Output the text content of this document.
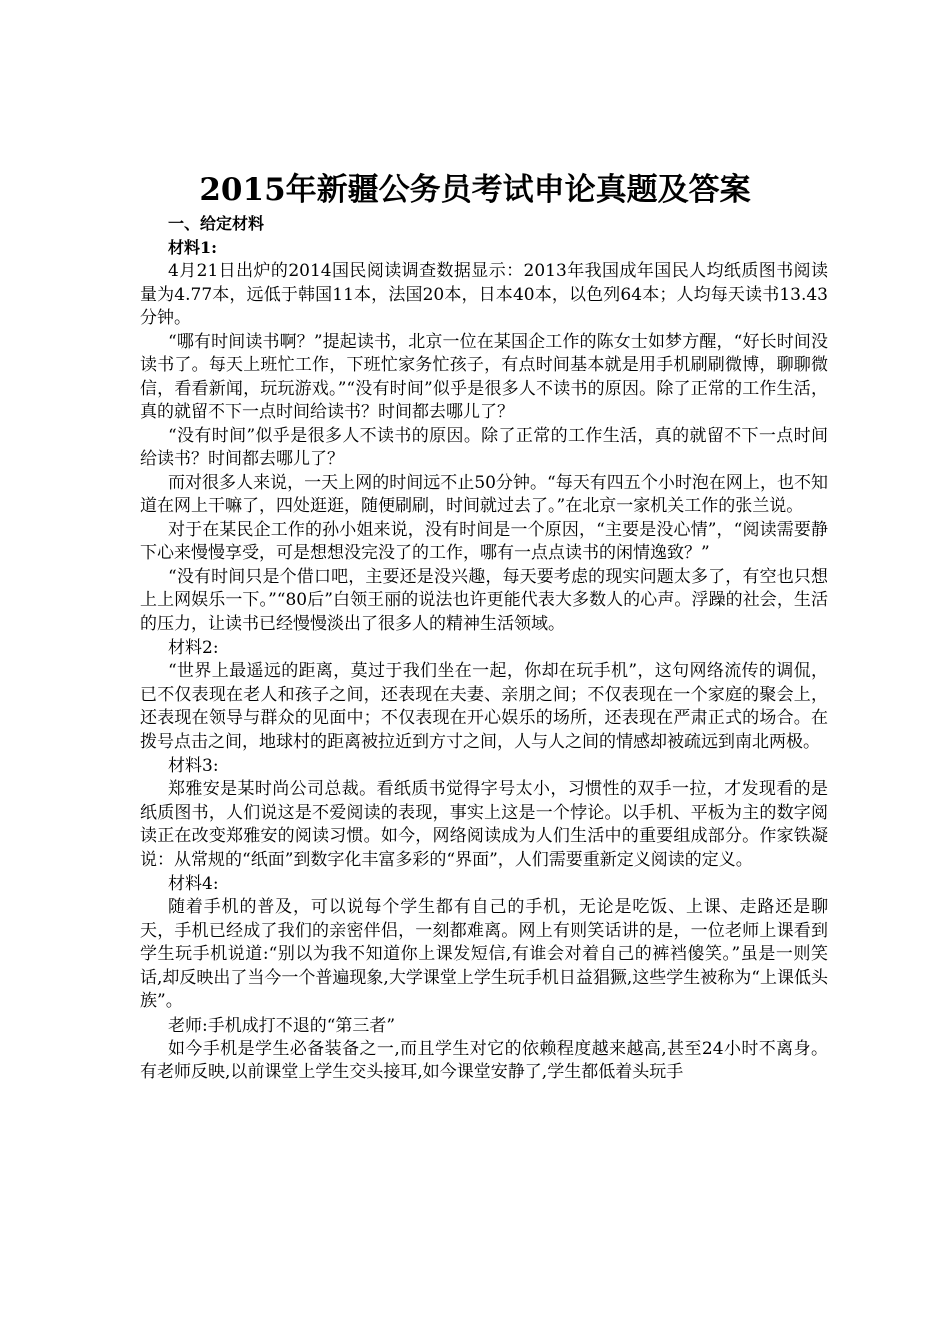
2015年新疆公务员考试申论真题及答案

一、给定材料

材料1:

4月21日出炉的2014国民阅读调查数据显示：2013年我国成年国民人均纸质图书阅读量为4.77本，远低于韩国11本，法国20本，日本40本，以色列64本；人均每天读书13.43分钟。

“哪有时间读书啊？”提起读书，北京一位在某国企工作的陈女士如梦方醒，“好长时间没读书了。每天上班忙工作，下班忙家务忙孩子，有点时间基本就是用手机刷刷微博，聊聊微信，看看新闻，玩玩游戏。”“没有时间”似乎是很多人不读书的原因。除了正常的工作生活，真的就留不下一点时间给读书？时间都去哪儿了？

“没有时间”似乎是很多人不读书的原因。除了正常的工作生活，真的就留不下一点时间给读书？时间都去哪儿了？

而对很多人来说，一天上网的时间远不止50分钟。“每天有四五个小时泡在网上，也不知道在网上干嘛了，四处逛逛，随便刷刷，时间就过去了。”在北京一家机关工作的张兰说。

对于在某民企工作的孙小姐来说，没有时间是一个原因，“主要是没心情”，“阅读需要静下心来慢慢享受，可是想想没完没了的工作，哪有一点点读书的闲情逸致？”

“没有时间只是个借口吧，主要还是没兴趣，每天要考虑的现实问题太多了，有空也只想上上网娱乐一下。”“80后”白领王丽的说法也许更能代表大多数人的心声。浮躁的社会，生活的压力，让读书已经慢慢淡出了很多人的精神生活领域。

材料2:

“世界上最遥远的距离，莫过于我们坐在一起，你却在玩手机”，这句网络流传的调侃，已不仅表现在老人和孩子之间，还表现在夫妻、亲朋之间；不仅表现在一个家庭的聚会上，还表现在领导与群众的见面中；不仅表现在开心娱乐的场所，还表现在严肃正式的场合。在拨号点击之间，地球村的距离被拉近到方寸之间，人与人之间的情感却被疏远到南北两极。

材料3:

郑雅安是某时尚公司总裁。看纸质书觉得字号太小，习惯性的双手一拉，才发现看的是纸质图书，人们说这是不爱阅读的表现，事实上这是一个悖论。以手机、平板为主的数字阅读正在改变郑雅安的阅读习惯。如今，网络阅读成为人们生活中的重要组成部分。作家铁凝说：从常规的“纸面”到数字化丰富多彩的“界面”，人们需要重新定义阅读的定义。

材料4:

随着手机的普及，可以说每个学生都有自己的手机，无论是吃饭、上课、走路还是聊天，手机已经成了我们的亲密伴侣，一刻都难离。网上有则笑话讲的是，一位老师上课看到学生玩手机说道:“别以为我不知道你上课发短信,有谁会对着自己的裤裆傻笑。”虽是一则笑话,却反映出了当今一个普遍现象,大学课堂上学生玩手机日益猖獗,这些学生被称为“上课低头族”。

老师:手机成打不退的“第三者”

如今手机是学生必备装备之一,而且学生对它的依赖程度越来越高,甚至24小时不离身。有老师反映,以前课堂上学生交头接耳,如今课堂安静了,学生都低着头玩手
